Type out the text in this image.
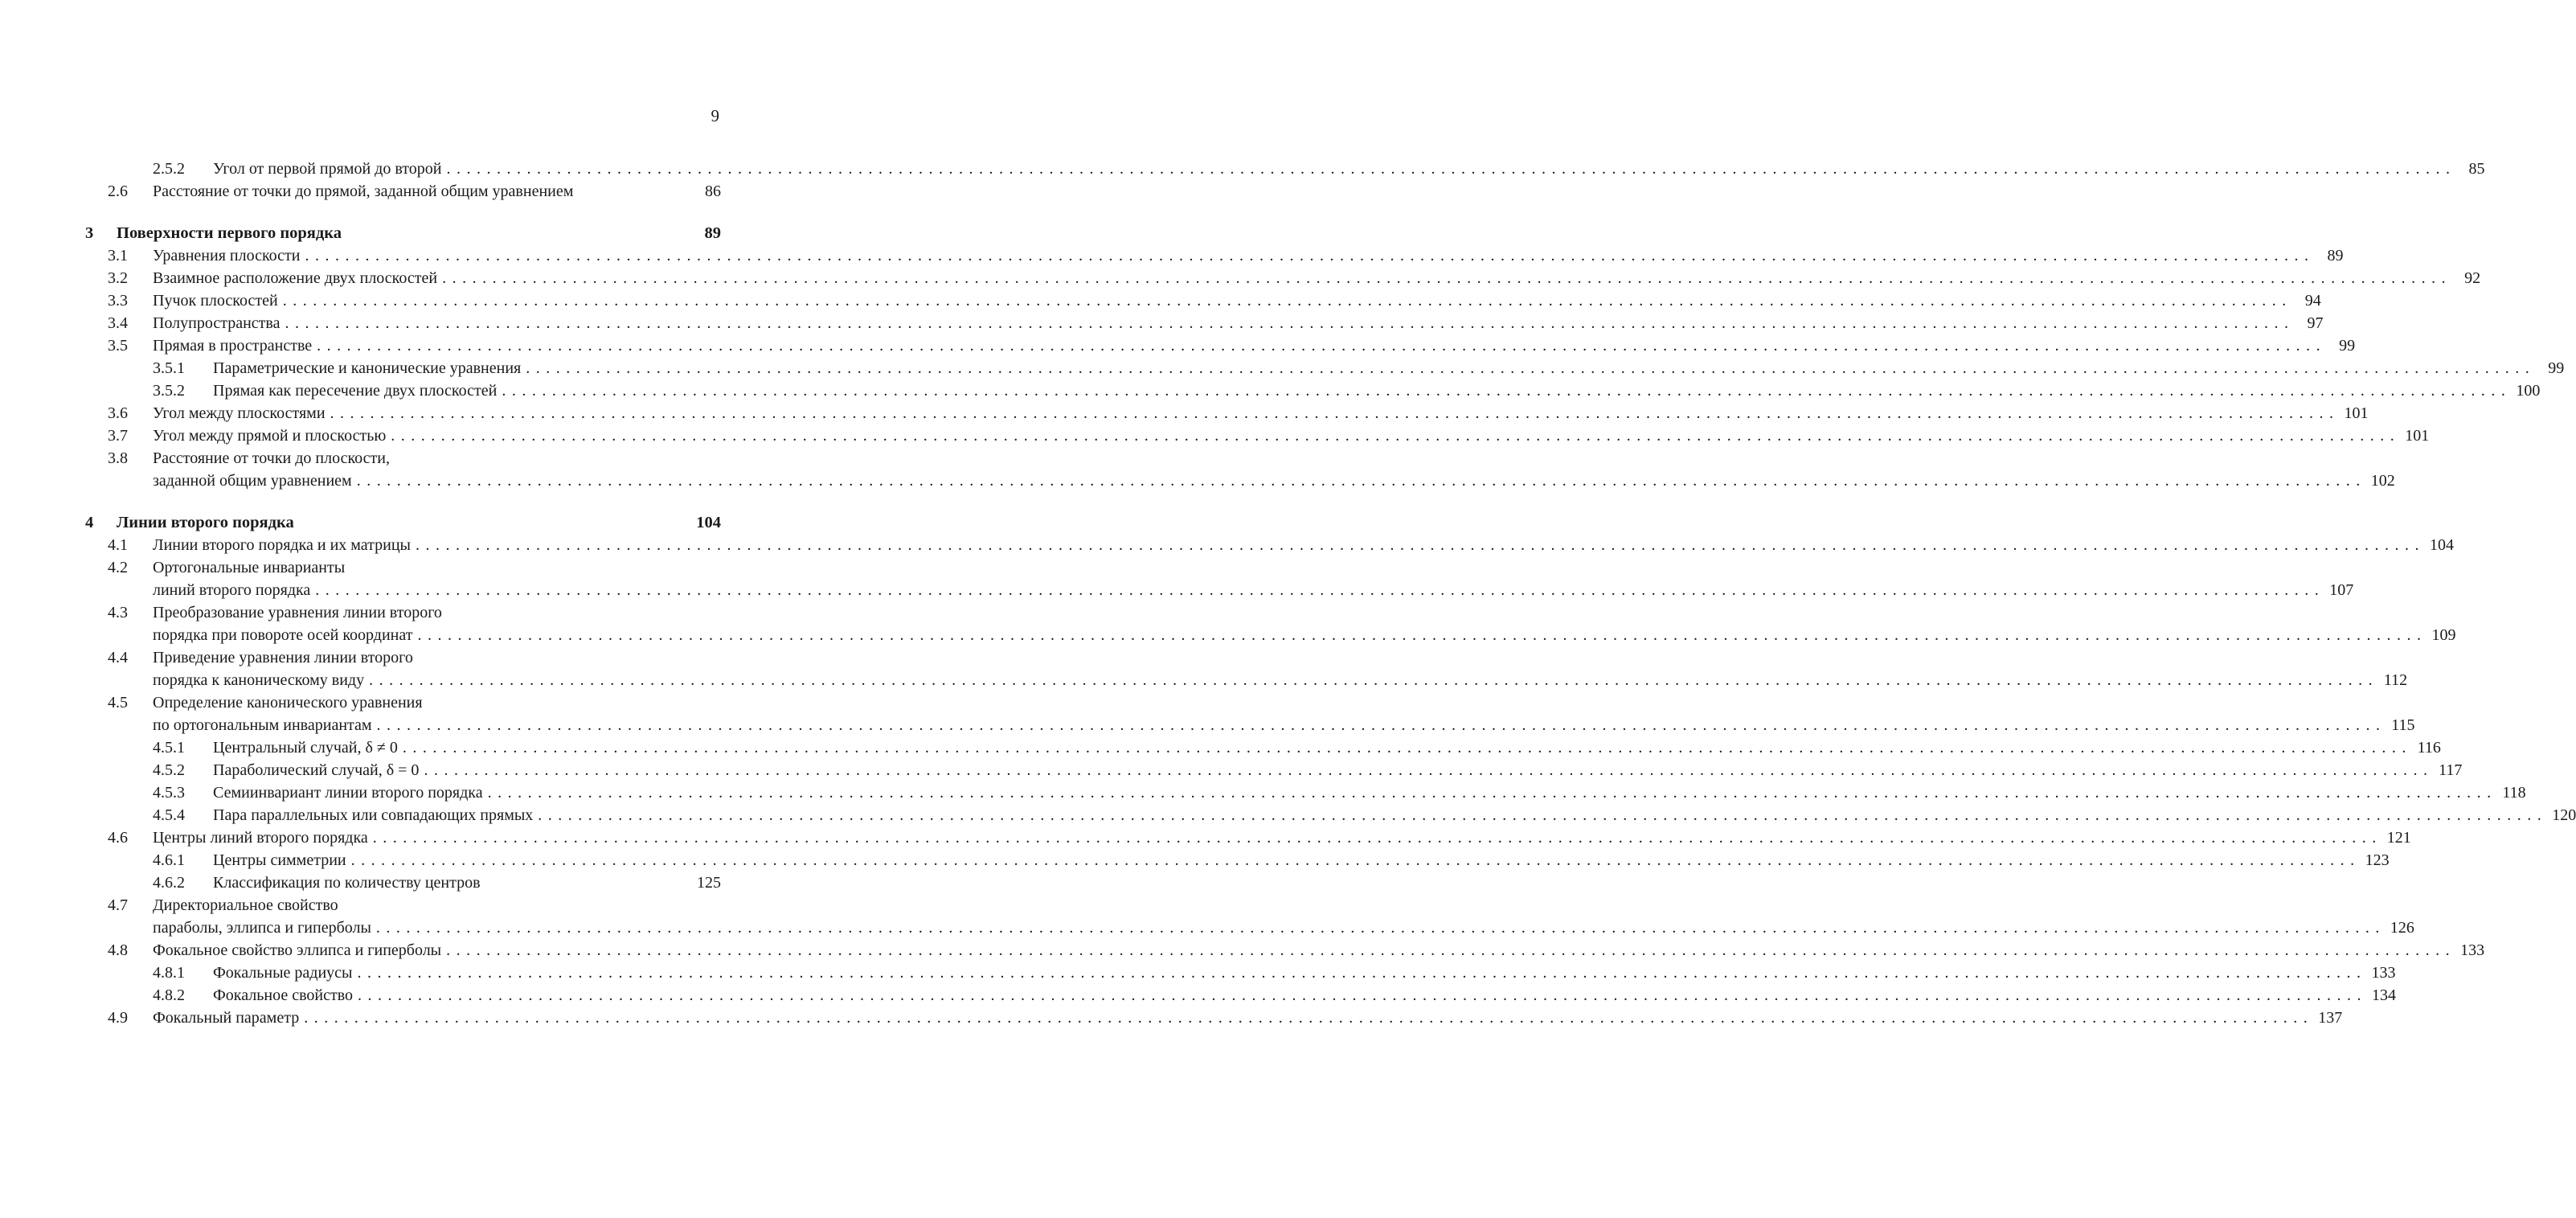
9
2.5.2 Угол от первой прямой до второй ........................................................................................................................................................................................................ 85
2.6 Расстояние от точки до прямой, заданной общим уравнением	86
3 Поверхности первого порядка	89
3.1 Уравнения плоскости ........................................................................................................................................................................................................ 89
3.2 Взаимное расположение двух плоскостей ........................................................................................................................................................................................................ 92
3.3 Пучок плоскостей ........................................................................................................................................................................................................ 94
3.4 Полупространства ........................................................................................................................................................................................................ 97
3.5 Прямая в пространстве ........................................................................................................................................................................................................ 99
3.5.1 Параметрические и канонические уравнения ........................................................................................................................................................................................................ 99
3.5.2 Прямая как пересечение двух плоскостей ........................................................................................................................................................................................................ 100
3.6 Угол между плоскостями ........................................................................................................................................................................................................ 101
3.7 Угол между прямой и плоскостью ........................................................................................................................................................................................................ 101
3.8 Расстояние от точки до плоскости,
заданной общим уравнением ........................................................................................................................................................................................................ 102
4 Линии второго порядка	104
4.1 Линии второго порядка и их матрицы ........................................................................................................................................................................................................ 104
4.2 Ортогональные инварианты
линий второго порядка ........................................................................................................................................................................................................ 107
4.3 Преобразование уравнения линии второго
порядка при повороте осей координат ........................................................................................................................................................................................................ 109
4.4 Приведение уравнения линии второго
порядка к каноническому виду ........................................................................................................................................................................................................ 112
4.5 Определение канонического уравнения
по ортогональным инвариантам ........................................................................................................................................................................................................ 115
4.5.1 Центральный случай, δ ≠ 0 ........................................................................................................................................................................................................ 116
4.5.2 Параболический случай, δ = 0 ........................................................................................................................................................................................................ 117
4.5.3 Семиинвариант линии второго порядка ........................................................................................................................................................................................................ 118
4.5.4 Пара параллельных или совпадающих прямых ........................................................................................................................................................................................................ 120
4.6 Центры линий второго порядка ........................................................................................................................................................................................................ 121
4.6.1 Центры симметрии ........................................................................................................................................................................................................ 123
4.6.2 Классификация по количеству центров	125
4.7 Директориальное свойство
параболы, эллипса и гиперболы ........................................................................................................................................................................................................ 126
4.8 Фокальное свойство эллипса и гиперболы ........................................................................................................................................................................................................ 133
4.8.1 Фокальные радиусы ........................................................................................................................................................................................................ 133
4.8.2 Фокальное свойство ........................................................................................................................................................................................................ 134
4.9 Фокальный параметр ........................................................................................................................................................................................................ 137
